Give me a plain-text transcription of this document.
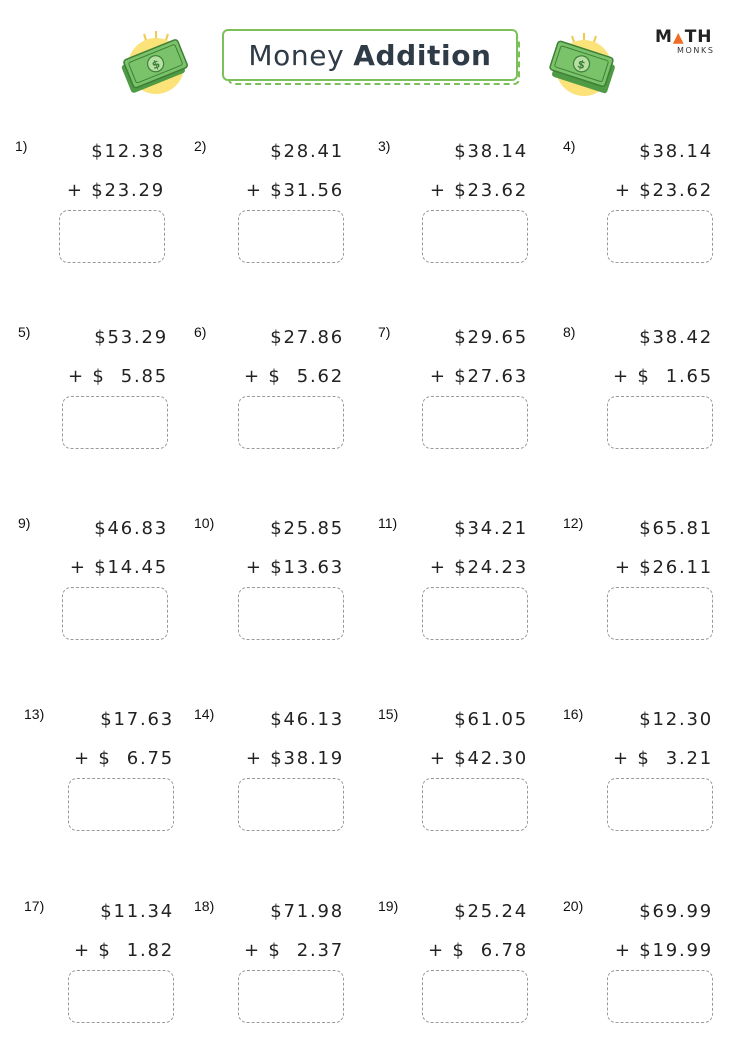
$	Money Addition	$
M▲TH
MONKS
1)	$12.38
+ $23.29
2)	$28.41
+ $31.56
3)	$38.14
+ $23.62
4)	$38.14
+ $23.62
5)	$53.29
+ $  5.85
6)	$27.86
+ $  5.62
7)	$29.65
+ $27.63
8)	$38.42
+ $  1.65
9)	$46.83
+ $14.45
10)	$25.85
+ $13.63
11)	$34.21
+ $24.23
12)	$65.81
+ $26.11
13)	$17.63
+ $  6.75
14)	$46.13
+ $38.19
15)	$61.05
+ $42.30
16)	$12.30
+ $  3.21
17)	$11.34
+ $  1.82
18)	$71.98
+ $  2.37
19)	$25.24
+ $  6.78
20)	$69.99
+ $19.99
